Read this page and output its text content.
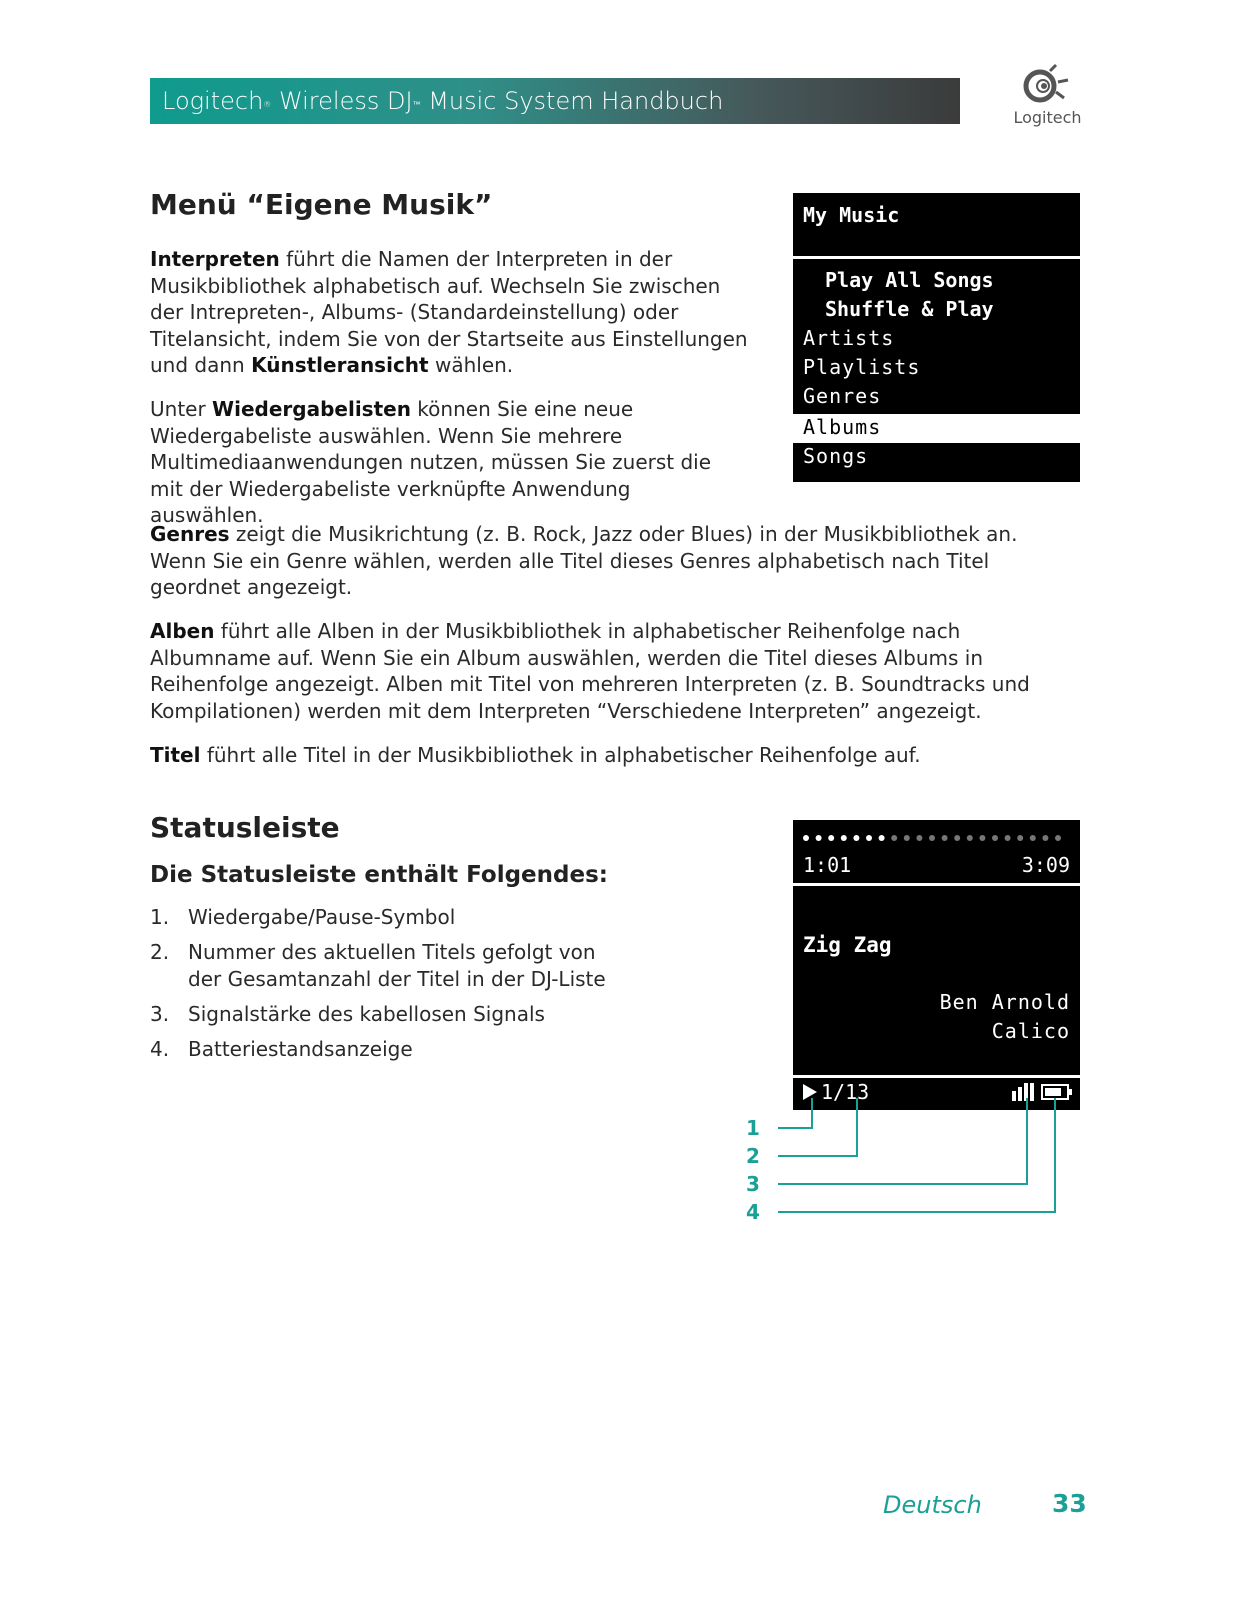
Logitech® Wireless DJ™ Music System Handbuch
Logitech
Menü “Eigene Musik”
Interpreten führt die Namen der Interpreten in der Musikbibliothek alphabetisch auf. Wechseln Sie zwischen der Intrepreten-, Albums- (Standardeinstellung) oder Titelansicht, indem Sie von der Startseite aus Einstellungen und dann Künstleransicht wählen.
Unter Wiedergabelisten können Sie eine neue Wiedergabeliste auswählen. Wenn Sie mehrere Multimediaanwendungen nutzen, müssen Sie zuerst die mit der Wiedergabeliste verknüpfte Anwendung auswählen.
Genres zeigt die Musikrichtung (z. B. Rock, Jazz oder Blues) in der Musikbibliothek an. Wenn Sie ein Genre wählen, werden alle Titel dieses Genres alphabetisch nach Titel geordnet angezeigt.
Alben führt alle Alben in der Musikbibliothek in alphabetischer Reihenfolge nach Albumname auf. Wenn Sie ein Album auswählen, werden die Titel dieses Albums in Reihenfolge angezeigt. Alben mit Titel von mehreren Interpreten (z. B. Soundtracks und Kompilationen) werden mit dem Interpreten “Verschiedene Interpreten” angezeigt.
Titel führt alle Titel in der Musikbibliothek in alphabetischer Reihenfolge auf.
My Music
Play All Songs
Shuffle & Play
Artists
Playlists
Genres
Albums
Songs
Statusleiste
Die Statusleiste enthält Folgendes:
1. Wiedergabe/Pause-Symbol
2. Nummer des aktuellen Titels gefolgt von der Gesamtanzahl der Titel in der DJ-Liste
3. Signalstärke des kabellosen Signals
4. Batteriestandsanzeige
1:01	3:09
Zig Zag
Ben Arnold
Calico
1/13
1
2
3
4
Deutsch	33
